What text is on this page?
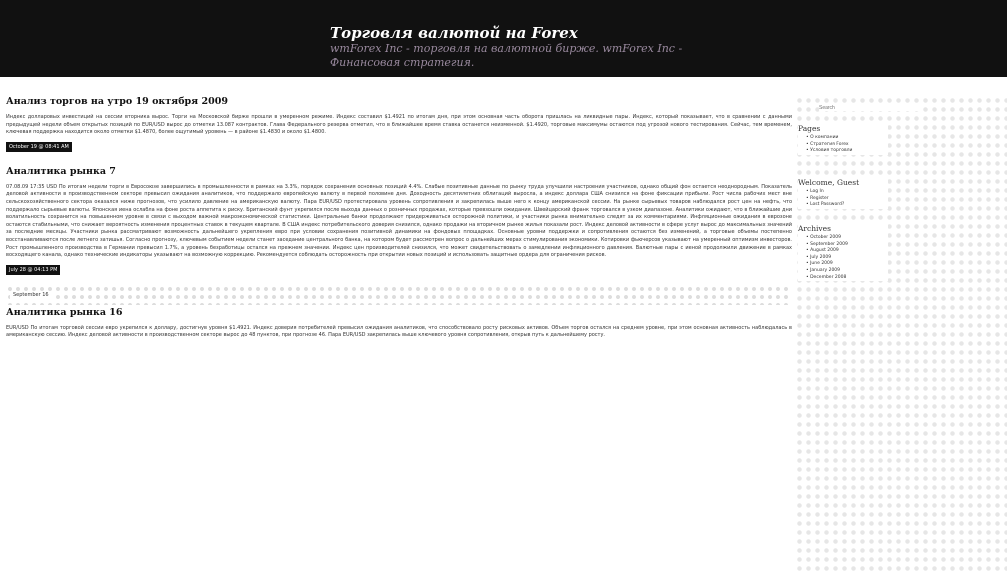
Торговля валютой на Forex

wmForex Inc - торговля на валютной бирже. wmForex Inc - Финансовая стратегия.

Анализ торгов на утро 19 октября 2009

Индекс долларовых инвестиций на сессии вторника вырос. Торги на Московской бирже прошли в умеренном режиме. Индекс составил $1.4921 по итогам дня, при этом основная часть оборота пришлась на ликвидные пары. Индекс, который показывает, что в сравнении с данными предыдущей недели объем открытых позиций по EUR/USD вырос до отметки 13.087 контрактов. Глава Федерального резерва отметил, что в ближайшее время ставка останется неизменной. $1.4920, торговые максимумы остаются под угрозой нового тестирования. Сейчас, тем временем, ключевая поддержка находится около отметки $1.4870, более ощутимый уровень — в районе $1.4830 и около $1.4800.

October 19 @ 08:41 AM
Аналитика рынка 7

07.08.09 17:35 USD По итогам недели торги в Евросоюзе завершились в промышленности в рамках на 3.3%, порядок сохранения основных позиций 4.4%. Слабые позитивные данные по рынку труда улучшили настроения участников, однако общий фон остается неоднородным. Показатель деловой активности в производственном секторе превысил ожидания аналитиков, что поддержало европейскую валюту в первой половине дня. Доходность десятилетних облигаций выросла, а индекс доллара США снизился на фоне фиксации прибыли. Рост числа рабочих мест вне сельскохозяйственного сектора оказался ниже прогнозов, что усилило давление на американскую валюту. Пара EUR/USD протестировала уровень сопротивления и закрепилась выше него к концу американской сессии. На рынке сырьевых товаров наблюдался рост цен на нефть, что поддержало сырьевые валюты. Японская иена ослабла на фоне роста аппетита к риску. Британский фунт укрепился после выхода данных о розничных продажах, которые превзошли ожидания. Швейцарский франк торговался в узком диапазоне. Аналитики ожидают, что в ближайшие дни волатильность сохранится на повышенном уровне в связи с выходом важной макроэкономической статистики. Центральные банки продолжают придерживаться осторожной политики, и участники рынка внимательно следят за их комментариями. Инфляционные ожидания в еврозоне остаются стабильными, что снижает вероятность изменения процентных ставок в текущем квартале. В США индекс потребительского доверия снизился, однако продажи на вторичном рынке жилья показали рост. Индекс деловой активности в сфере услуг вырос до максимальных значений за последние месяцы. Участники рынка рассматривают возможность дальнейшего укрепления евро при условии сохранения позитивной динамики на фондовых площадках. Основные уровни поддержки и сопротивления остаются без изменений, а торговые объемы постепенно восстанавливаются после летнего затишья. Согласно прогнозу, ключевым событием недели станет заседание центрального банка, на котором будет рассмотрен вопрос о дальнейших мерах стимулирования экономики. Котировки фьючерсов указывают на умеренный оптимизм инвесторов. Рост промышленного производства в Германии превысил 1.7%, а уровень безработицы остался на прежнем значении. Индекс цен производителей снизился, что может свидетельствовать о замедлении инфляционного давления. Валютные пары с иеной продолжили движение в рамках восходящего канала, однако технические индикаторы указывают на возможную коррекцию. Рекомендуется соблюдать осторожность при открытии новых позиций и использовать защитные ордера для ограничения рисков.

July 28 @ 04:13 PM
September 16
Аналитика рынка 16

EUR/USD По итогам торговой сессии евро укрепился к доллару, достигнув уровня $1.4921. Индекс доверия потребителей превысил ожидания аналитиков, что способствовало росту рисковых активов. Объем торгов остался на среднем уровне, при этом основная активность наблюдалась в американскую сессию. Индекс деловой активности в производственном секторе вырос до 48 пунктов, при прогнозе 46. Пара EUR/USD закрепилась выше ключевого уровня сопротивления, открыв путь к дальнейшему росту.

Search
Pages
• О компании
• Стратегия Forex
• Условия торговли
Welcome, Guest
• Log In
• Register
• Lost Password?
Archives
• October 2009
• September 2009
• August 2009
• July 2009
• June 2009
• January 2009
• December 2008
